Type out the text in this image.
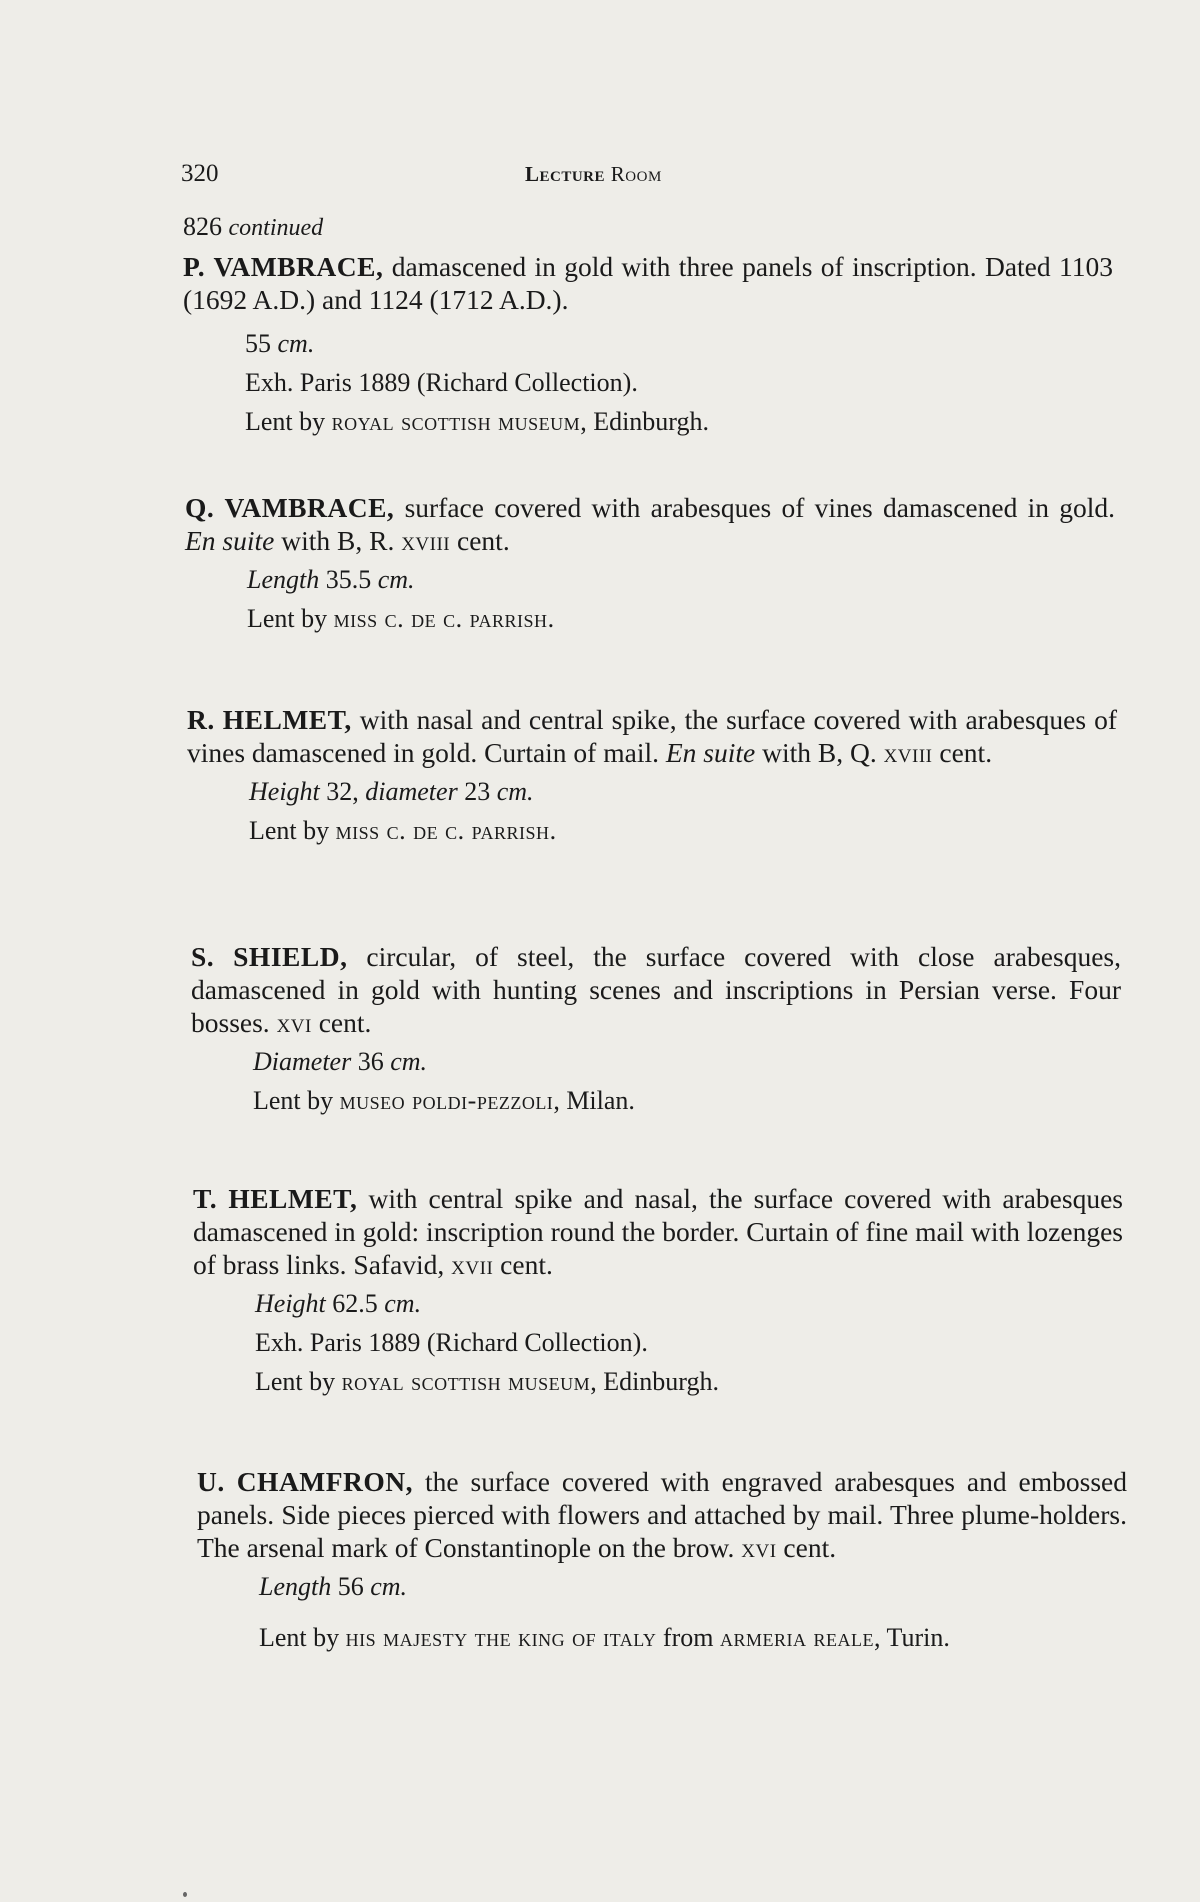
320	Lecture Room
826 continued

P. VAMBRACE, damascened in gold with three panels of inscription. Dated 1103 (1692 A.D.) and 1124 (1712 A.D.).

55 cm.

Exh. Paris 1889 (Richard Collection).

Lent by royal scottish museum, Edinburgh.

Q. VAMBRACE, surface covered with arabesques of vines damascened in gold. En suite with B, R. xviii cent.

Length 35.5 cm.

Lent by miss c. de c. parrish.

R. HELMET, with nasal and central spike, the surface covered with arabesques of vines damascened in gold. Curtain of mail. En suite with B, Q. xviii cent.

Height 32, diameter 23 cm.

Lent by miss c. de c. parrish.

S. SHIELD, circular, of steel, the surface covered with close arabesques, damascened in gold with hunting scenes and inscriptions in Persian verse. Four bosses. xvi cent.

Diameter 36 cm.

Lent by museo poldi-pezzoli, Milan.

T. HELMET, with central spike and nasal, the surface covered with arabesques damascened in gold: inscription round the border. Curtain of fine mail with lozenges of brass links. Safavid, xvii cent.

Height 62.5 cm.

Exh. Paris 1889 (Richard Collection).

Lent by royal scottish museum, Edinburgh.

U. CHAMFRON, the surface covered with engraved arabesques and embossed panels. Side pieces pierced with flowers and attached by mail. Three plume-holders. The arsenal mark of Constantinople on the brow. xvi cent.

Length 56 cm.

Lent by his majesty the king of italy from armeria reale, Turin.
